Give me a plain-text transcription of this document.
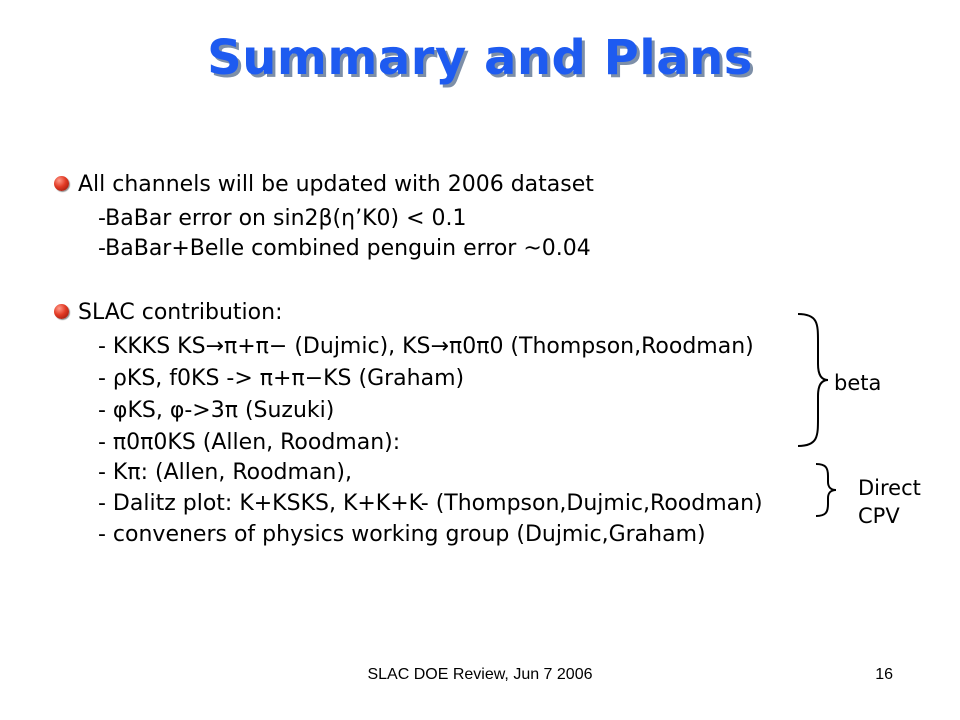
Summary and Plans
All channels will be updated with 2006 dataset
-BaBar error on sin2β(η’K0) < 0.1
-BaBar+Belle combined penguin error ~0.04
SLAC contribution:
- KKKS KS→π+π− (Dujmic), KS→π0π0 (Thompson,Roodman)
- ρKS, f0KS -> π+π−KS (Graham)
- φKS, φ->3π (Suzuki)
- π0π0KS (Allen, Roodman):
- Kπ: (Allen, Roodman),
- Dalitz plot: K+KSKS, K+K+K- (Thompson,Dujmic,Roodman)
- conveners of physics working group (Dujmic,Graham)
beta
Direct
CPV
SLAC DOE Review, Jun 7 2006	16
